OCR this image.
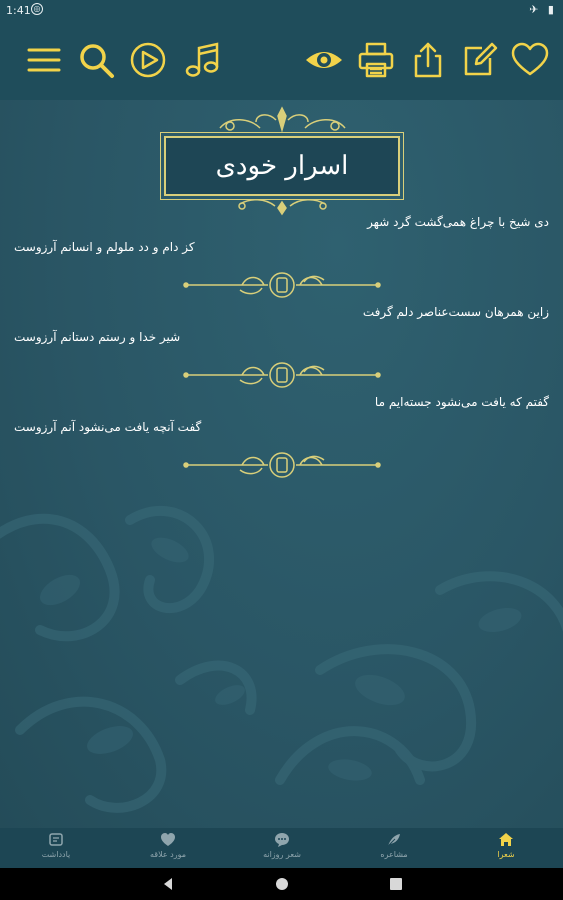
1:41 ◎	✈ ▮
اسرار خودی
دی شیخ با چراغ همی‌گشت گرد شهر
کز دام و دد ملولم و انسانم آرزوست
زاین همرهان سست‌عناصر دلم گرفت
شیر خدا و رستم دستانم آرزوست
گفتم که یافت می‌نشود جسته‌ایم ما
گفت آنچه یافت می‌نشود آنم آرزوست
یادداشت	مورد علاقه	شعر روزانه	مشاعره	شعرا
